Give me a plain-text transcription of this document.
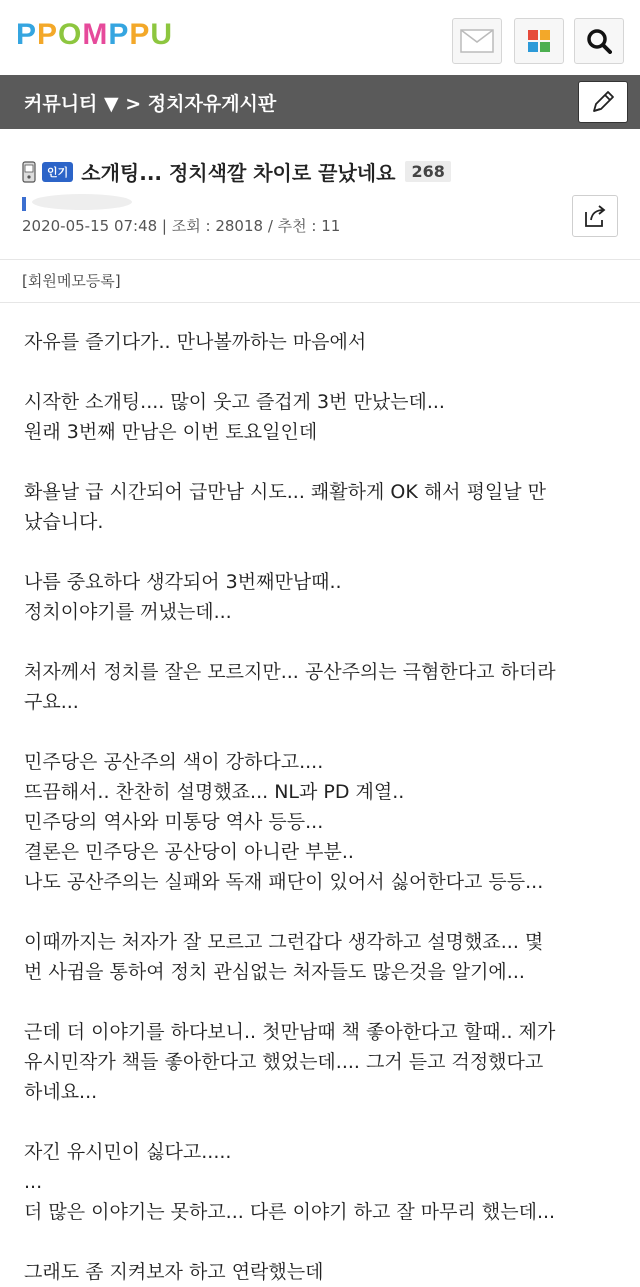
PPOMPPU
커뮤니티 ▼ > 정치자유게시판
인기 소개팅... 정치색깔 차이로 끝났네요	268
2020-05-15 07:48 | 조회 : 28018 / 추천 : 11
[회원메모등록]

자유를 즐기다가.. 만나볼까하는 마음에서

시작한 소개팅.... 많이 웃고 즐겁게 3번 만났는데...
원래 3번째 만남은 이번 토요일인데

화욜날 급 시간되어 급만남 시도... 쾌활하게 OK 해서 평일날 만
났습니다.

나름 중요하다 생각되어 3번째만남때..
정치이야기를 꺼냈는데...

처자께서 정치를 잘은 모르지만... 공산주의는 극혐한다고 하더라
구요...

민주당은 공산주의 색이 강하다고....
뜨끔해서.. 찬찬히 설명했죠... NL과 PD 계열..
민주당의 역사와 미통당 역사 등등...
결론은 민주당은 공산당이 아니란 부분..
나도 공산주의는 실패와 독재 패단이 있어서 싫어한다고 등등...

이때까지는 처자가 잘 모르고 그런갑다 생각하고 설명했죠... 몇
번 사귐을 통하여 정치 관심없는 처자들도 많은것을 알기에...

근데 더 이야기를 하다보니.. 첫만남때 책 좋아한다고 할때.. 제가
유시민작가 책들 좋아한다고 했었는데.... 그거 듣고 걱정했다고
하네요...

자긴 유시민이 싫다고.....
...
더 많은 이야기는 못하고... 다른 이야기 하고 잘 마무리 했는데...

그래도 좀 지켜보자 하고 연락했는데
